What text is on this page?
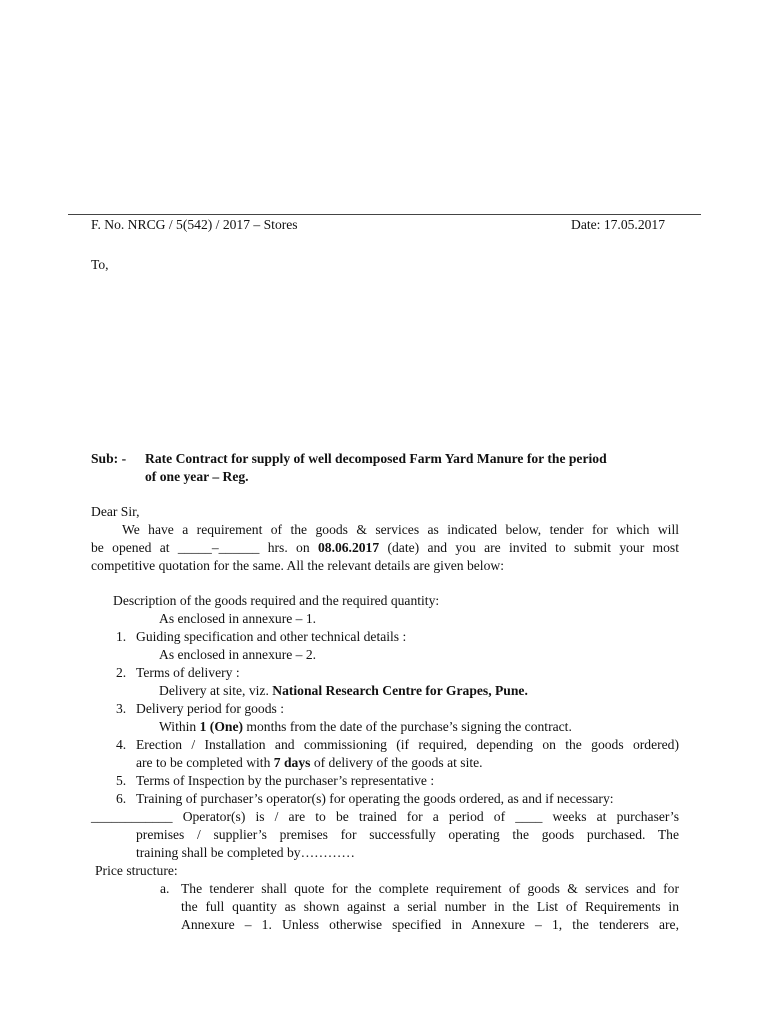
F. No. NRCG / 5(542) / 2017 – Stores	Date: 17.05.2017
To,
Sub: - Rate Contract for supply of well decomposed Farm Yard Manure for the period
of one year – Reg.
Dear Sir,
We have a requirement of the goods & services as indicated below, tender for which will
be opened at _____–______ hrs. on 08.06.2017 (date) and you are invited to submit your most
competitive quotation for the same. All the relevant details are given below:
Description of the goods required and the required quantity:
As enclosed in annexure – 1.
1. Guiding specification and other technical details :
As enclosed in annexure – 2.
2. Terms of delivery :
Delivery at site, viz. National Research Centre for Grapes, Pune.
3. Delivery period for goods :
Within 1 (One) months from the date of the purchase’s signing the contract.
4. Erection / Installation and commissioning (if required, depending on the goods ordered)
are to be completed with 7 days of delivery of the goods at site.
5. Terms of Inspection by the purchaser’s representative :
6. Training of purchaser’s operator(s) for operating the goods ordered, as and if necessary:
____________ Operator(s) is / are to be trained for a period of ____ weeks at purchaser’s
premises / supplier’s premises for successfully operating the goods purchased. The
training shall be completed by…………
Price structure:
a. The tenderer shall quote for the complete requirement of goods & services and for
the full quantity as shown against a serial number in the List of Requirements in
Annexure – 1. Unless otherwise specified in Annexure – 1, the tenderers are,
